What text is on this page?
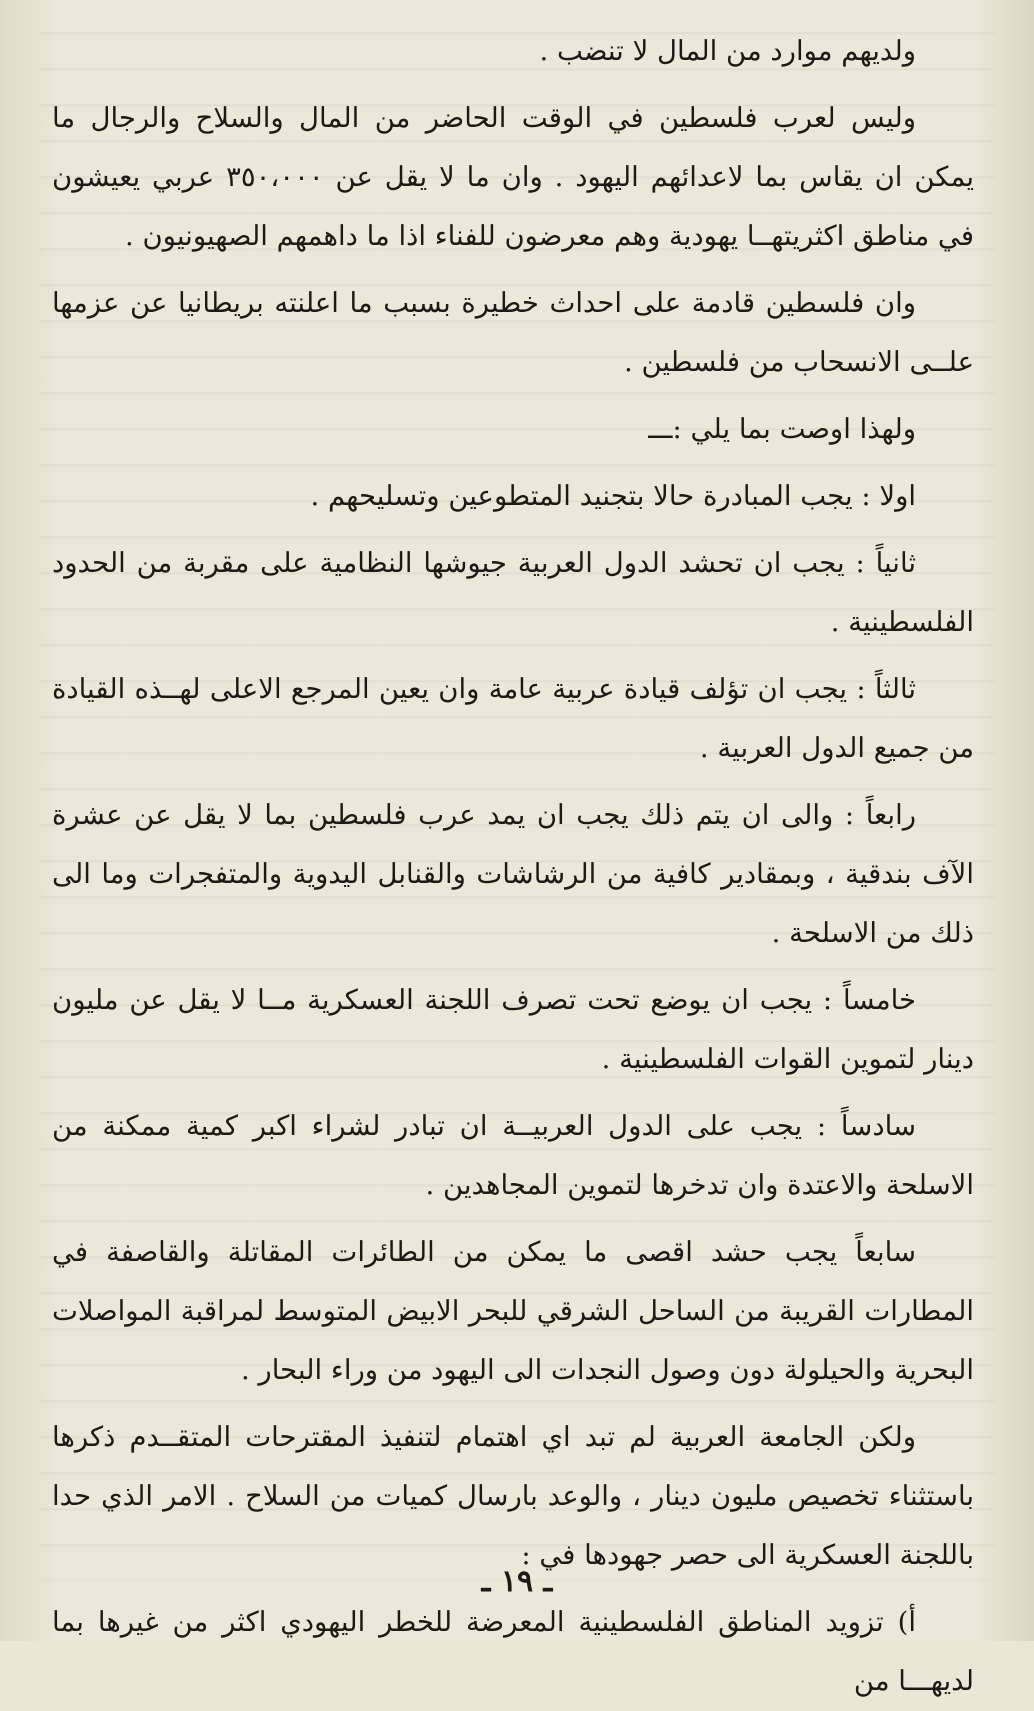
ولديهم موارد من المال لا تنضب .

وليس لعرب فلسطين في الوقت الحاضر من المال والسلاح والرجال ما يمكن ان يقاس بما لاعدائهم اليهود . وان ما لا يقل عن ٣٥٠،٠٠٠ عربي يعيشون في مناطق اكثريتهــا يهودية وهم معرضون للفناء اذا ما داهمهم الصهيونيون .

وان فلسطين قادمة على احداث خطيرة بسبب ما اعلنته بريطانيا عن عزمها علــى الانسحاب من فلسطين .

ولهذا اوصت بما يلي :ـــ

اولا : يجب المبادرة حالا بتجنيد المتطوعين وتسليحهم .

ثانياً : يجب ان تحشد الدول العربية جيوشها النظامية على مقربة من الحدود الفلسطينية .

ثالثاً : يجب ان تؤلف قيادة عربية عامة وان يعين المرجع الاعلى لهــذه القيادة من جميع الدول العربية .

رابعاً : والى ان يتم ذلك يجب ان يمد عرب فلسطين بما لا يقل عن عشرة الآف بندقية ، وبمقادير كافية من الرشاشات والقنابل اليدوية والمتفجرات وما الى ذلك من الاسلحة .

خامساً : يجب ان يوضع تحت تصرف اللجنة العسكرية مــا لا يقل عن مليون دينار لتموين القوات الفلسطينية .

سادساً : يجب على الدول العربيــة ان تبادر لشراء اكبر كمية ممكنة من الاسلحة والاعتدة وان تدخرها لتموين المجاهدين .

سابعاً يجب حشد اقصى ما يمكن من الطائرات المقاتلة والقاصفة في المطارات القريبة من الساحل الشرقي للبحر الابيض المتوسط لمراقبة المواصلات البحرية والحيلولة دون وصول النجدات الى اليهود من وراء البحار .

ولكن الجامعة العربية لم تبد اي اهتمام لتنفيذ المقترحات المتقــدم ذكرها باستثناء تخصيص مليون دينار ، والوعد بارسال كميات من السلاح . الامر الذي حدا باللجنة العسكرية الى حصر جهودها في :

أ) تزويد المناطق الفلسطينية المعرضة للخطر اليهودي اكثر من غيرها بما لديهـــا من

ـ ١٩ ـ
